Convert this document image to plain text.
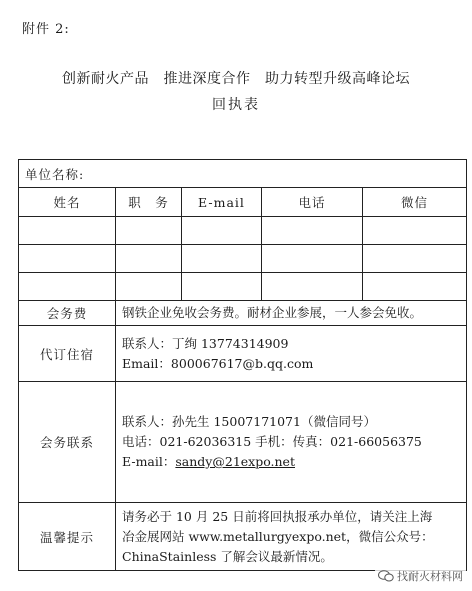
附件 2:
创新耐火产品　推进深度合作　助力转型升级高峰论坛
回执表
单位名称:				
姓名	职　务	E-mail	电话	微信

会务费	钢铁企业免收会务费。耐材企业参展，一人参会免收。			
代订住宿	联系人：丁绚 13774314909
Email：800067617@b.qq.com			

会务联系	联系人：孙先生 15007171071（微信同号）
电话：021-62036315 手机：传真：021-66056375
E-mail：sandy@21expo.net			

温馨提示	请务必于 10 月 25 日前将回执报承办单位，请关注上海
冶金展网站 www.metallurgyexpo.net，微信公众号：
ChinaStainless 了解会议最新情况。			
找耐火材料网
